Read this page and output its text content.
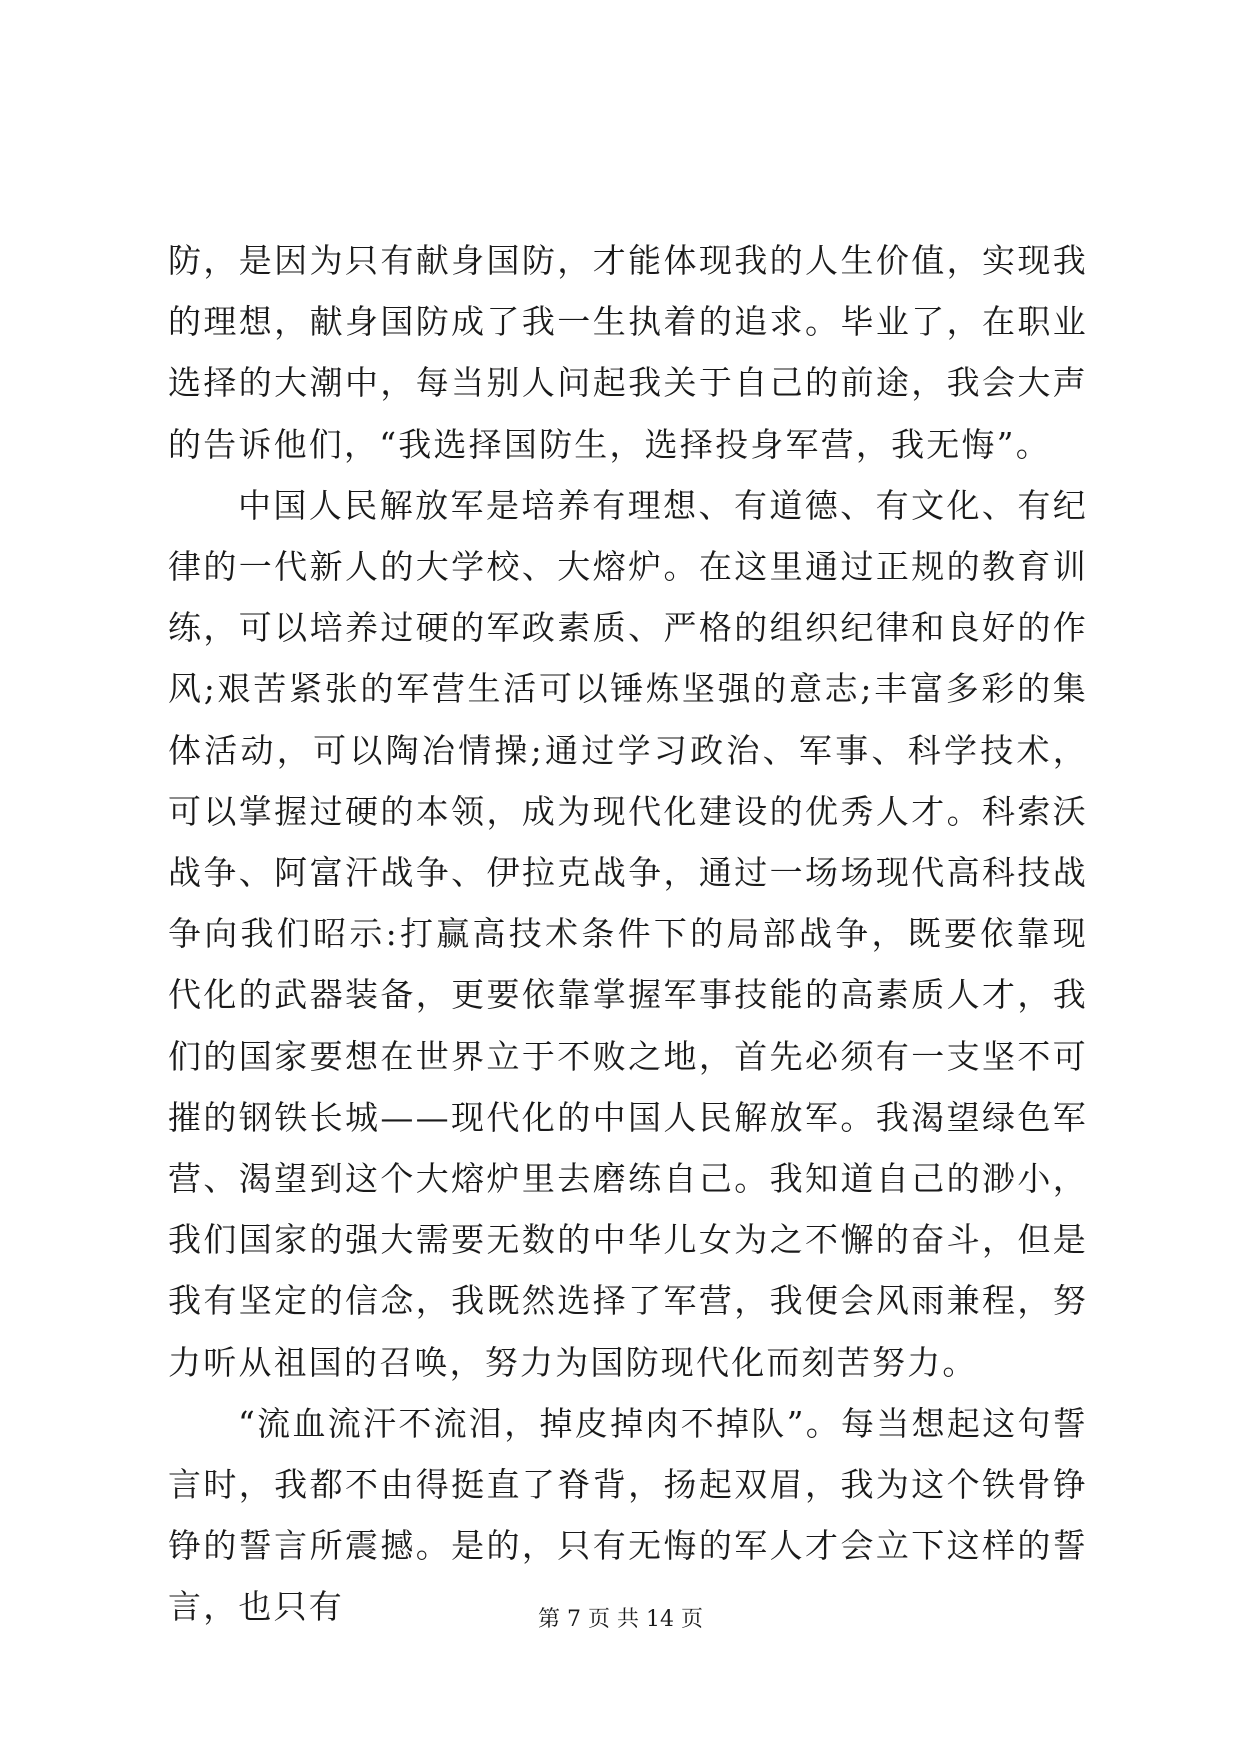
防，是因为只有献身国防，才能体现我的人生价值，实现我的理想，献身国防成了我一生执着的追求。毕业了，在职业选择的大潮中，每当别人问起我关于自己的前途，我会大声的告诉他们，“我选择国防生，选择投身军营，我无悔”。

中国人民解放军是培养有理想、有道德、有文化、有纪律的一代新人的大学校、大熔炉。在这里通过正规的教育训练，可以培养过硬的军政素质、严格的组织纪律和良好的作风;艰苦紧张的军营生活可以锤炼坚强的意志;丰富多彩的集体活动，可以陶冶情操;通过学习政治、军事、科学技术，可以掌握过硬的本领，成为现代化建设的优秀人才。科索沃战争、阿富汗战争、伊拉克战争，通过一场场现代高科技战争向我们昭示:打赢高技术条件下的局部战争，既要依靠现代化的武器装备，更要依靠掌握军事技能的高素质人才，我们的国家要想在世界立于不败之地，首先必须有一支坚不可摧的钢铁长城——现代化的中国人民解放军。我渴望绿色军营、渴望到这个大熔炉里去磨练自己。我知道自己的渺小，我们国家的强大需要无数的中华儿女为之不懈的奋斗，但是我有坚定的信念，我既然选择了军营，我便会风雨兼程，努力听从祖国的召唤，努力为国防现代化而刻苦努力。

“流血流汗不流泪，掉皮掉肉不掉队”。每当想起这句誓言时，我都不由得挺直了脊背，扬起双眉，我为这个铁骨铮铮的誓言所震撼。是的，只有无悔的军人才会立下这样的誓言，也只有	第 7 页 共 14 页
